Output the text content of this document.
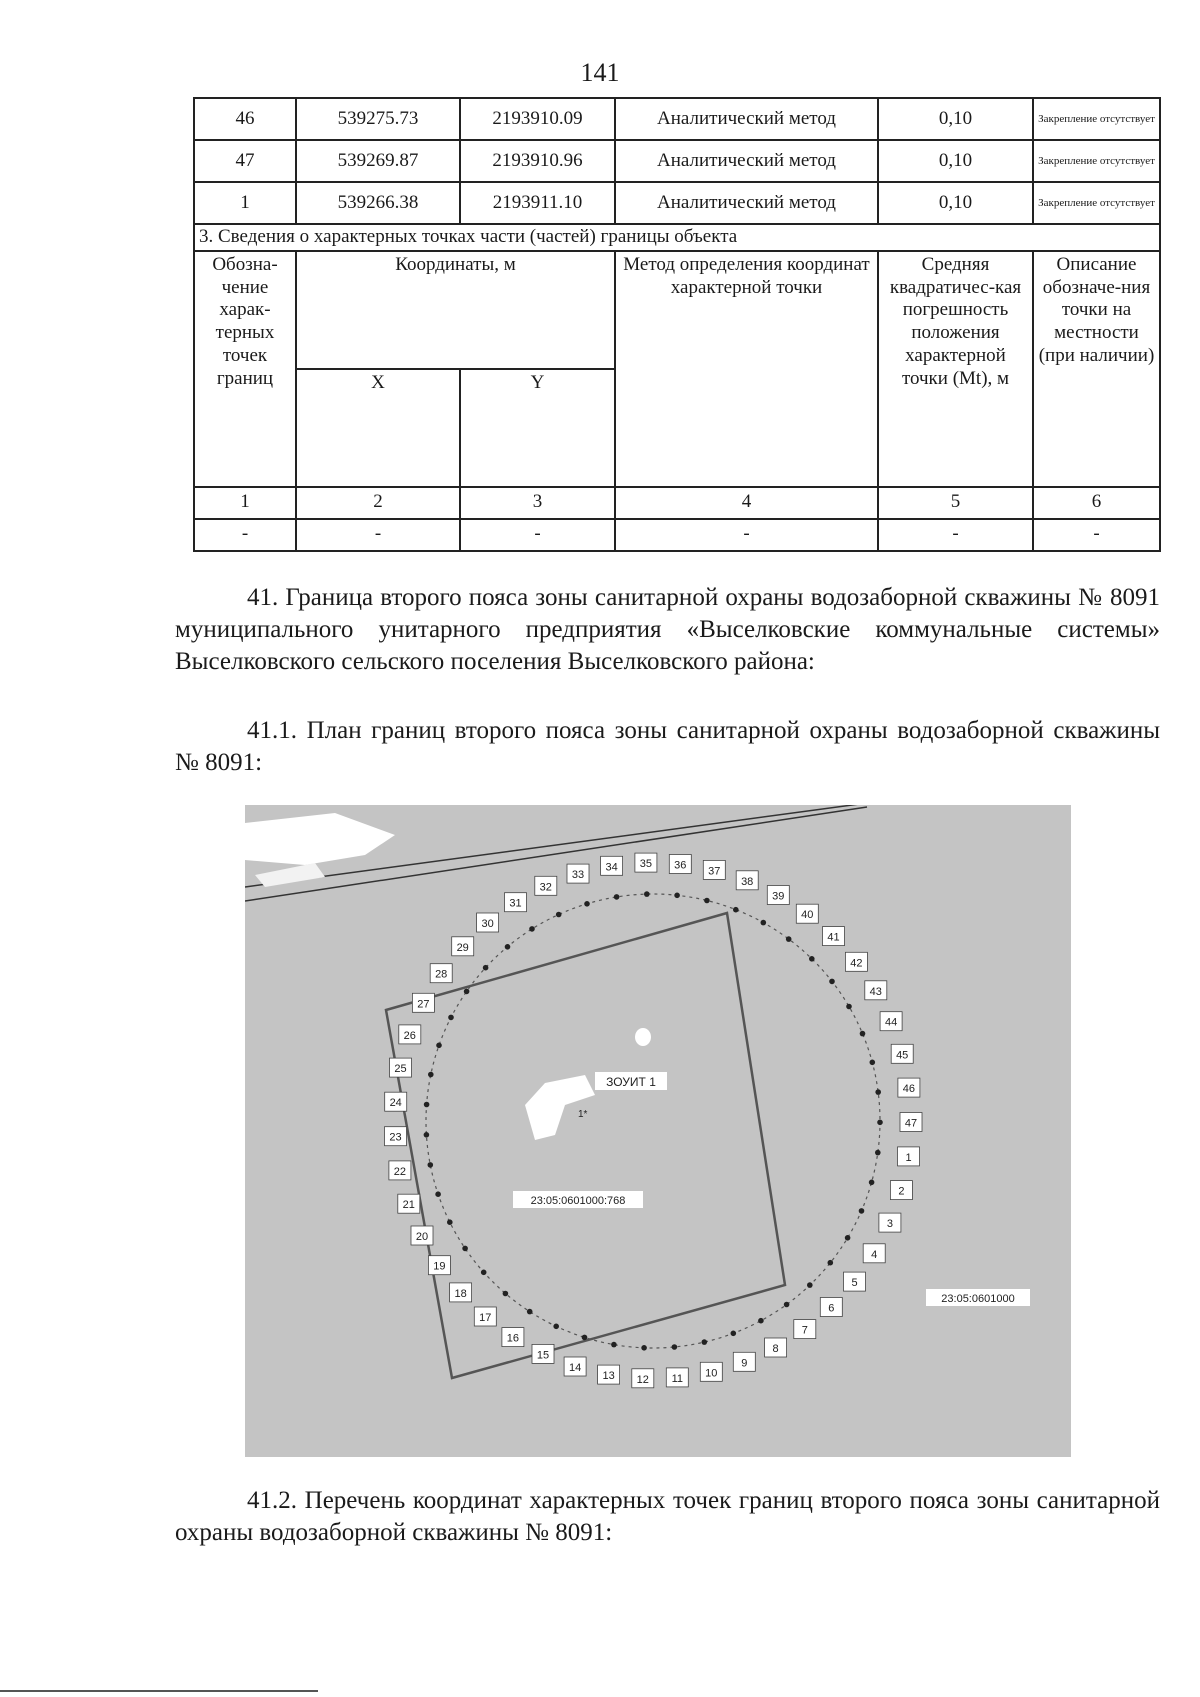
141
46	539275.73	2193910.09	Аналитический метод	0,10	Закрепление отсутствует
47	539269.87	2193910.96	Аналитический метод	0,10	Закрепление отсутствует
1	539266.38	2193911.10	Аналитический метод	0,10	Закрепление отсутствует
3. Сведения о характерных точках части (частей) границы объекта					
Обозна-чение харак-терных точек границ	Координаты, м		Метод определения координат характерной точки	Средняя квадратичес-кая погрешность положения характерной точки (Mt), м	Описание обозначе-ния точки на местности (при наличии)
	X	Y			
1	2	3	4	5	6
-	-	-	-	-	-
41. Граница второго пояса зоны санитарной охраны водозаборной скважины № 8091 муниципального унитарного предприятия «Выселковские коммунальные системы» Выселковского сельского поселения Выселковского района:
41.1. План границ второго пояса зоны санитарной охраны водозаборной скважины № 8091:
1
2
3
4
5
6
7
8
9
10
11
12
13
14
15
16
17
18
19
20
21
22
23
24
25
26
27
28
29
30
31
32
33
34 35 36 37
38
39
40
41
42
43
44
45
46
47
ЗОУИТ 1
1*
23:05:0601000:768
23:05:0601000
41.2. Перечень координат характерных точек границ второго пояса зоны санитарной охраны водозаборной скважины № 8091:
